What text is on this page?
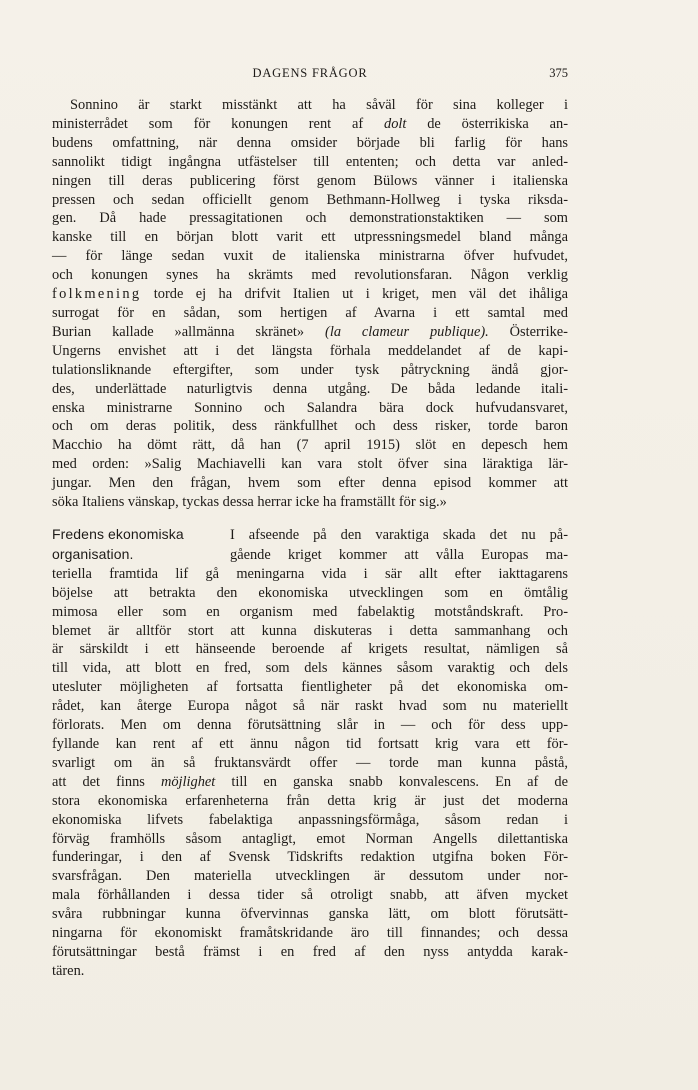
DAGENS FRÅGOR	375
Sonnino är starkt misstänkt att ha såväl för sina kolleger i
ministerrådet som för konungen rent af dolt de österrikiska an-
budens omfattning, när denna omsider började bli farlig för hans
sannolikt tidigt ingångna utfästelser till ententen; och detta var anled-
ningen till deras publicering först genom Bülows vänner i italienska
pressen och sedan officiellt genom Bethmann-Hollweg i tyska riksda-
gen. Då hade pressagitationen och demonstrationstaktiken — som
kanske till en början blott varit ett utpressningsmedel bland många
— för länge sedan vuxit de italienska ministrarna öfver hufvudet,
och konungen synes ha skrämts med revolutionsfaran. Någon verklig
folkmening torde ej ha drifvit Italien ut i kriget, men väl det ihåliga
surrogat för en sådan, som hertigen af Avarna i ett samtal med
Burian kallade »allmänna skränet» (la clameur publique). Österrike-
Ungerns envishet att i det längsta förhala meddelandet af de kapi-
tulationsliknande eftergifter, som under tysk påtryckning ändå gjor-
des, underlättade naturligtvis denna utgång. De båda ledande itali-
enska ministrarne Sonnino och Salandra bära dock hufvudansvaret,
och om deras politik, dess ränkfullhet och dess risker, torde baron
Macchio ha dömt rätt, då han (7 april 1915) slöt en depesch hem
med orden: »Salig Machiavelli kan vara stolt öfver sina läraktiga lär-
jungar. Men den frågan, hvem som efter denna episod kommer att
söka Italiens vänskap, tyckas dessa herrar icke ha framställt för sig.»
Fredens ekonomiska	I afseende på den varaktiga skada det nu på-
organisation.	gående kriget kommer att vålla Europas ma-
teriella framtida lif gå meningarna vida i sär allt efter iakttagarens
böjelse att betrakta den ekonomiska utvecklingen som en ömtålig
mimosa eller som en organism med fabelaktig motståndskraft. Pro-
blemet är alltför stort att kunna diskuteras i detta sammanhang och
är särskildt i ett hänseende beroende af krigets resultat, nämligen så
till vida, att blott en fred, som dels kännes såsom varaktig och dels
utesluter möjligheten af fortsatta fientligheter på det ekonomiska om-
rådet, kan återge Europa något så när raskt hvad som nu materiellt
förlorats. Men om denna förutsättning slår in — och för dess upp-
fyllande kan rent af ett ännu någon tid fortsatt krig vara ett för-
svarligt om än så fruktansvärdt offer — torde man kunna påstå,
att det finns möjlighet till en ganska snabb konvalescens. En af de
stora ekonomiska erfarenheterna från detta krig är just det moderna
ekonomiska lifvets fabelaktiga anpassningsförmåga, såsom redan i
förväg framhölls såsom antagligt, emot Norman Angells dilettantiska
funderingar, i den af Svensk Tidskrifts redaktion utgifna boken För-
svarsfrågan. Den materiella utvecklingen är dessutom under nor-
mala förhållanden i dessa tider så otroligt snabb, att äfven mycket
svåra rubbningar kunna öfvervinnas ganska lätt, om blott förutsätt-
ningarna för ekonomiskt framåtskridande äro till finnandes; och dessa
förutsättningar bestå främst i en fred af den nyss antydda karak-
tären.
